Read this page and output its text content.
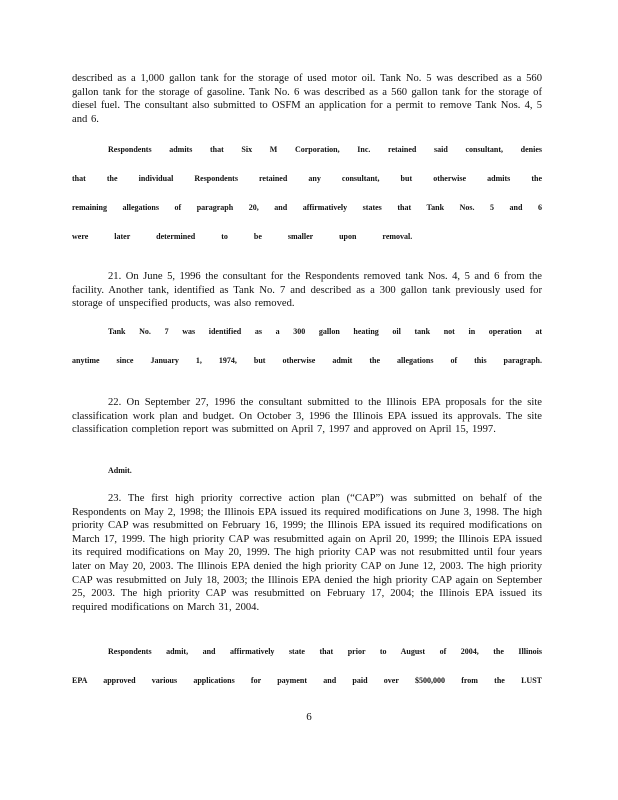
described as a 1,000 gallon tank for the storage of used motor oil. Tank No. 5 was described as a 560 gallon tank for the storage of gasoline. Tank No. 6 was described as a 560 gallon tank for the storage of diesel fuel. The consultant also submitted to OSFM an application for a permit to remove Tank Nos. 4, 5 and 6.

Respondents admits that Six M Corporation, Inc. retained said consultant, denies
that the individual Respondents retained any consultant, but otherwise admits the
remaining allegations of paragraph 20, and affirmatively states that Tank Nos. 5 and 6
were later determined to be smaller upon removal.

21. On June 5, 1996 the consultant for the Respondents removed tank Nos. 4, 5 and 6 from the facility. Another tank, identified as Tank No. 7 and described as a 300 gallon tank previously used for storage of unspecified products, was also removed.

Tank No. 7 was identified as a 300 gallon heating oil tank not in operation at
anytime since January 1, 1974, but otherwise admit the allegations of this paragraph.

22. On September 27, 1996 the consultant submitted to the Illinois EPA proposals for the site classification work plan and budget. On October 3, 1996 the Illinois EPA issued its approvals. The site classification completion report was submitted on April 7, 1997 and approved on April 15, 1997.

Admit.

23. The first high priority corrective action plan (“CAP”) was submitted on behalf of the Respondents on May 2, 1998; the Illinois EPA issued its required modifications on June 3, 1998. The high priority CAP was resubmitted on February 16, 1999; the Illinois EPA issued its required modifications on March 17, 1999. The high priority CAP was resubmitted again on April 20, 1999; the Illinois EPA issued its required modifications on May 20, 1999. The high priority CAP was not resubmitted until four years later on May 20, 2003. The Illinois EPA denied the high priority CAP on June 12, 2003. The high priority CAP was resubmitted on July 18, 2003; the Illinois EPA denied the high priority CAP again on September 25, 2003. The high priority CAP was resubmitted on February 17, 2004; the Illinois EPA issued its required modifications on March 31, 2004.

Respondents admit, and affirmatively state that prior to August of 2004, the Illinois
EPA approved various applications for payment and paid over $500,000 from the LUST
6
